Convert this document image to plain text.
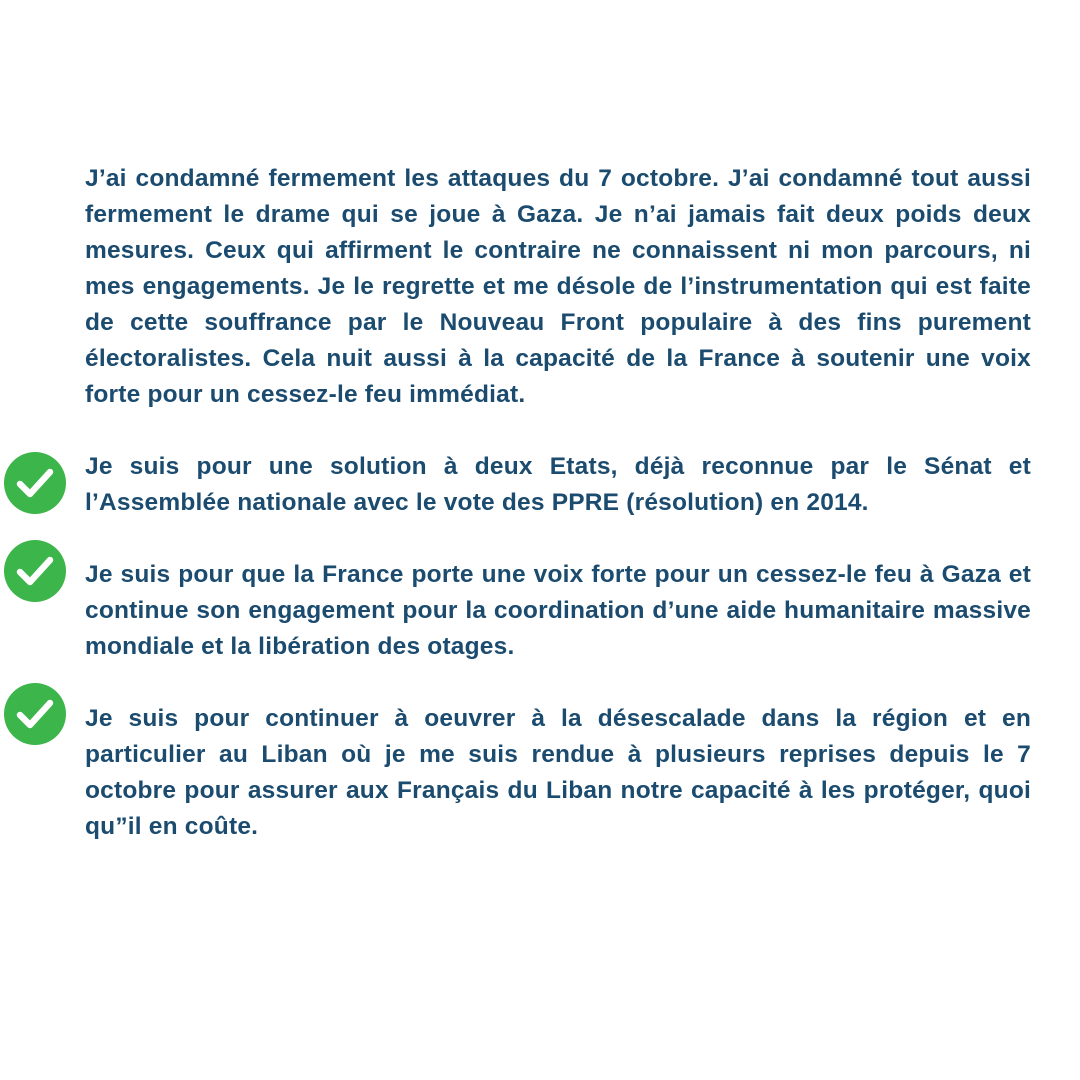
J’ai condamné fermement les attaques du 7 octobre. J’ai condamné tout aussi fermement le drame qui se joue à Gaza. Je n’ai jamais fait deux poids deux mesures. Ceux qui affirment le contraire ne connaissent ni mon parcours, ni mes engagements. Je le regrette et me désole de l’instrumentation qui est faite de cette souffrance par le Nouveau Front populaire à des fins purement électoralistes. Cela nuit aussi à la capacité de la France à soutenir une voix forte pour un cessez-le feu immédiat.

Je suis pour une solution à deux Etats, déjà reconnue par le Sénat et l’Assemblée nationale avec le vote des PPRE (résolution) en 2014.

Je suis pour que la France porte une voix forte pour un cessez-le feu à Gaza et continue son engagement pour la coordination d’une aide humanitaire massive mondiale et la libération des otages.

Je suis pour continuer à oeuvrer à la désescalade dans la région et en particulier au Liban où je me suis rendue à plusieurs reprises depuis le 7 octobre pour assurer aux Français du Liban notre capacité à les protéger, quoi qu”il en coûte.
